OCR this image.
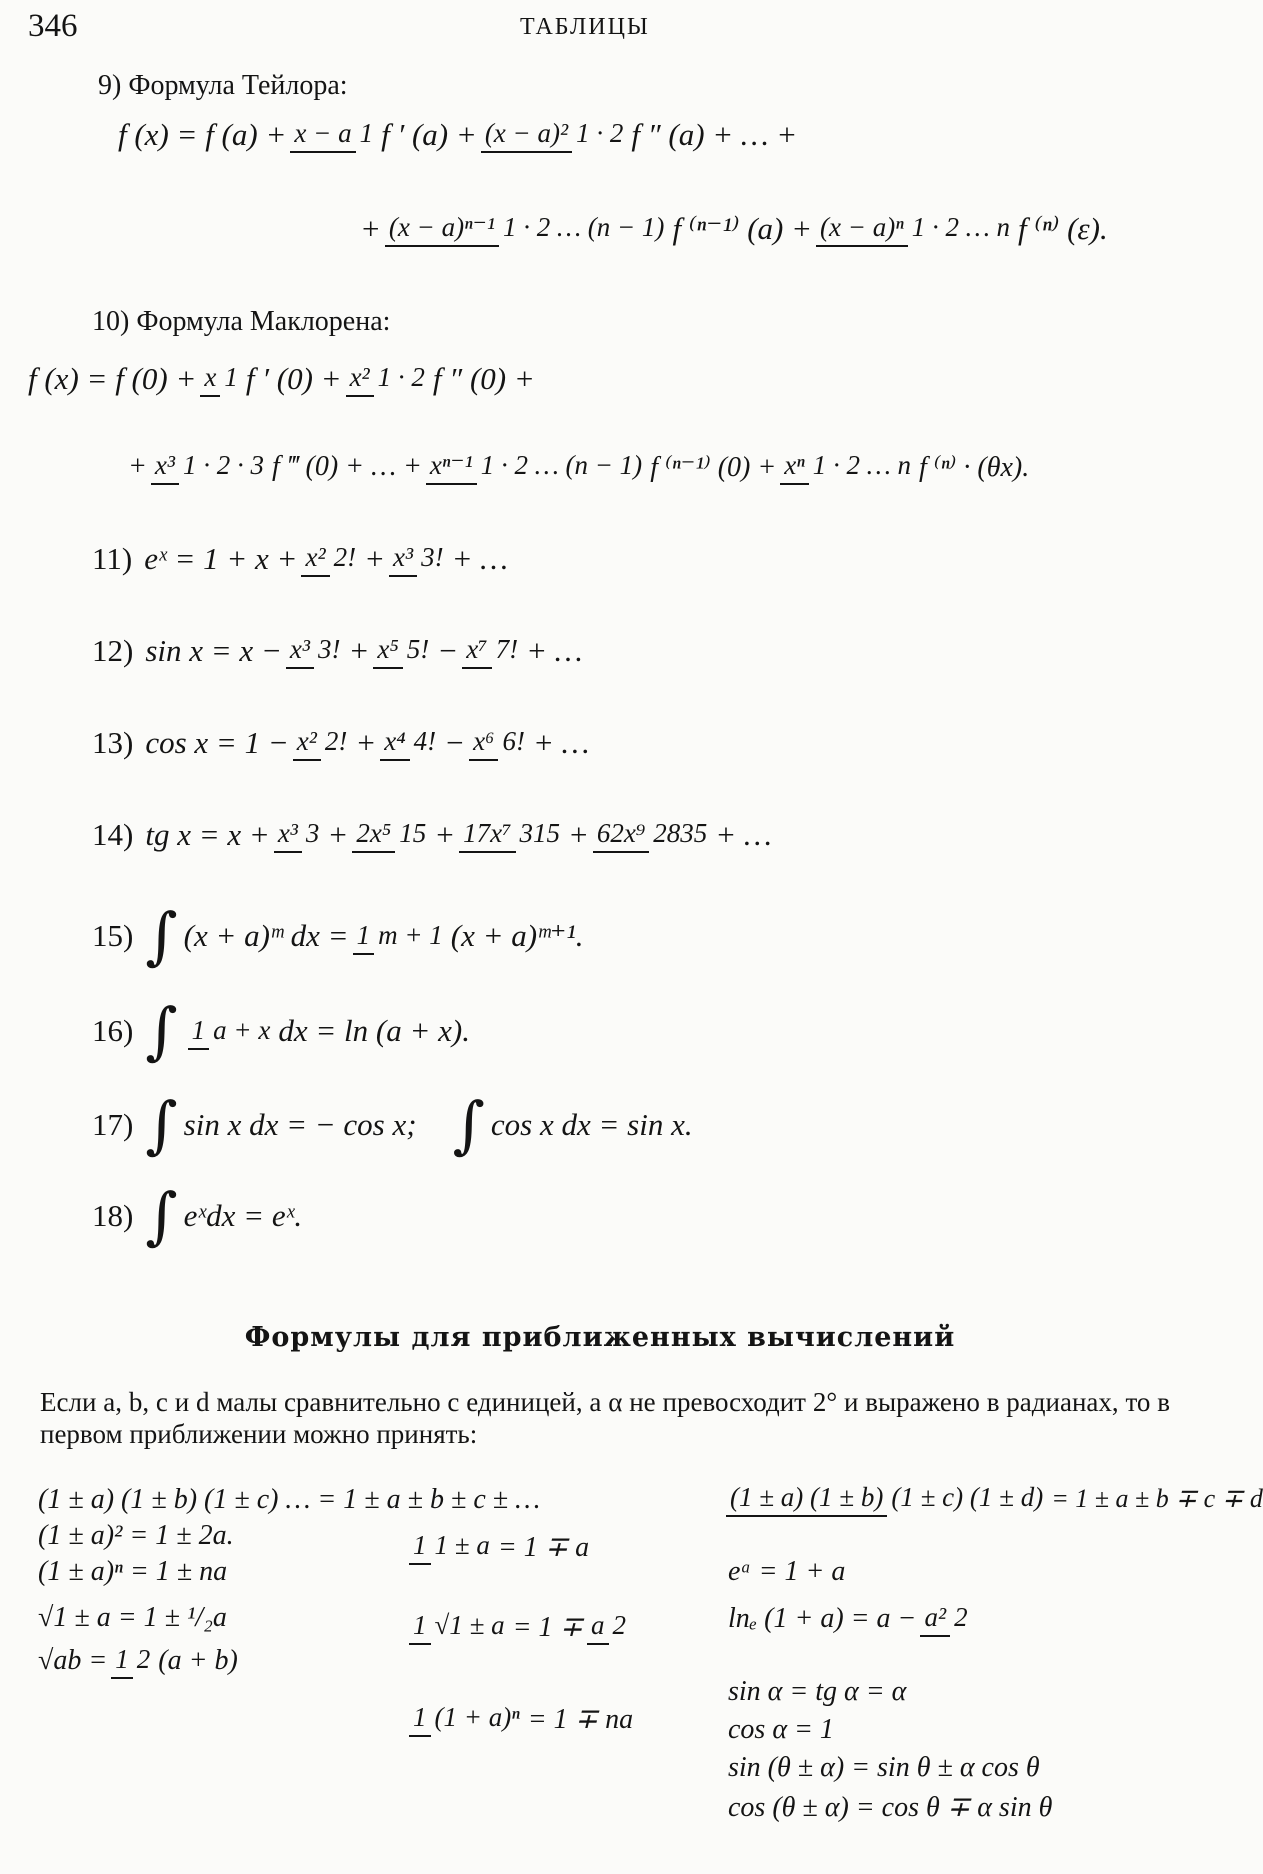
346	ТАБЛИЦЫ
9) Формула Тейлора:
f (x) = f (a) + x − a 1 f ′ (a) + (x − a)² 1 · 2 f ″ (a) + … +
+ (x − a)ⁿ⁻¹ 1 · 2 … (n − 1) f ⁽ⁿ⁻¹⁾ (a) + (x − a)ⁿ 1 · 2 … n f ⁽ⁿ⁾ (ε).
10) Формула Маклорена:
f (x) = f (0) + x 1 f ′ (0) + x² 1 · 2 f ″ (0) +
+ x³ 1 · 2 · 3 f ‴ (0) + … + xⁿ⁻¹ 1 · 2 … (n − 1) f ⁽ⁿ⁻¹⁾ (0) + xⁿ 1 · 2 … n f ⁽ⁿ⁾ · (θx).
11) eˣ = 1 + x + x² 2! + x³ 3! + …
12) sin x = x − x³ 3! + x⁵ 5! − x⁷ 7! + …
13) cos x = 1 − x² 2! + x⁴ 4! − x⁶ 6! + …
14) tg x = x + x³ 3 + 2x⁵ 15 + 17x⁷ 315 + 62x⁹ 2835 + …
15) ∫ (x + a)ᵐ dx = 1 m + 1 (x + a)ᵐ⁺¹.
16) ∫ 1 a + x dx = ln (a + x).
17) ∫ sin x dx = − cos x; ∫ cos x dx = sin x.
18) ∫ eˣdx = eˣ.
Формулы для приближенных вычислений
Если a, b, c и d малы сравнительно с единицей, а α не превосходит 2° и выражено в радианах, то в первом приближении можно принять:
(1 ± a) (1 ± b) (1 ± c) … = 1 ± a ± b ± c ± …
(1 ± a)² = 1 ± 2a.
(1 ± a)ⁿ = 1 ± na
√1 ± a = 1 ± ¹/₂a
√ab = 1 2 (a + b)
1 1 ± a = 1 ∓ a
1 √1 ± a = 1 ∓ a 2
1 (1 + a)ⁿ = 1 ∓ na
(1 ± a) (1 ± b) (1 ± c) (1 ± d) = 1 ± a ± b ∓ c ∓ d
eᵃ = 1 + a
lnₑ (1 + a) = a − a² 2
sin α = tg α = α
cos α = 1
sin (θ ± α) = sin θ ± α cos θ
cos (θ ± α) = cos θ ∓ α sin θ
